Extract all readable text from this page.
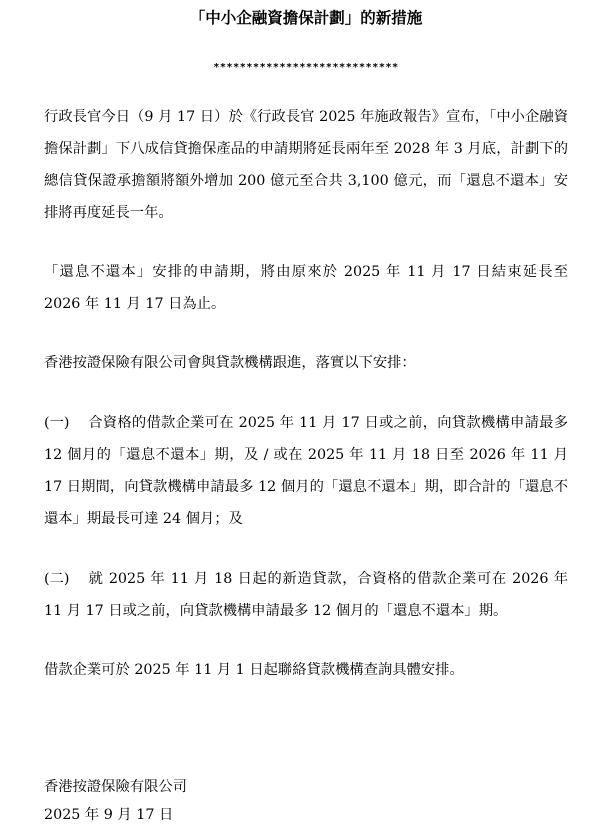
「中小企融資擔保計劃」的新措施
****************************

行政長官今日（9 月 17 日）於《行政長官 2025 年施政報告》宣布，「中小企融資擔保計劃」下八成信貸擔保產品的申請期將延長兩年至 2028 年 3 月底，計劃下的總信貸保證承擔額將額外增加 200 億元至合共 3,100 億元，而「還息不還本」安排將再度延長一年。

「還息不還本」安排的申請期，將由原來於 2025 年 11 月 17 日結束延長至 2026 年 11 月 17 日為止。

香港按證保險有限公司會與貸款機構跟進，落實以下安排：

(一) 合資格的借款企業可在 2025 年 11 月 17 日或之前，向貸款機構申請最多 12 個月的「還息不還本」期，及 / 或在 2025 年 11 月 18 日至 2026 年 11 月 17 日期間，向貸款機構申請最多 12 個月的「還息不還本」期，即合計的「還息不還本」期最長可達 24 個月；及

(二) 就 2025 年 11 月 18 日起的新造貸款，合資格的借款企業可在 2026 年 11 月 17 日或之前，向貸款機構申請最多 12 個月的「還息不還本」期。

借款企業可於 2025 年 11 月 1 日起聯絡貸款機構查詢具體安排。

香港按證保險有限公司
2025 年 9 月 17 日
